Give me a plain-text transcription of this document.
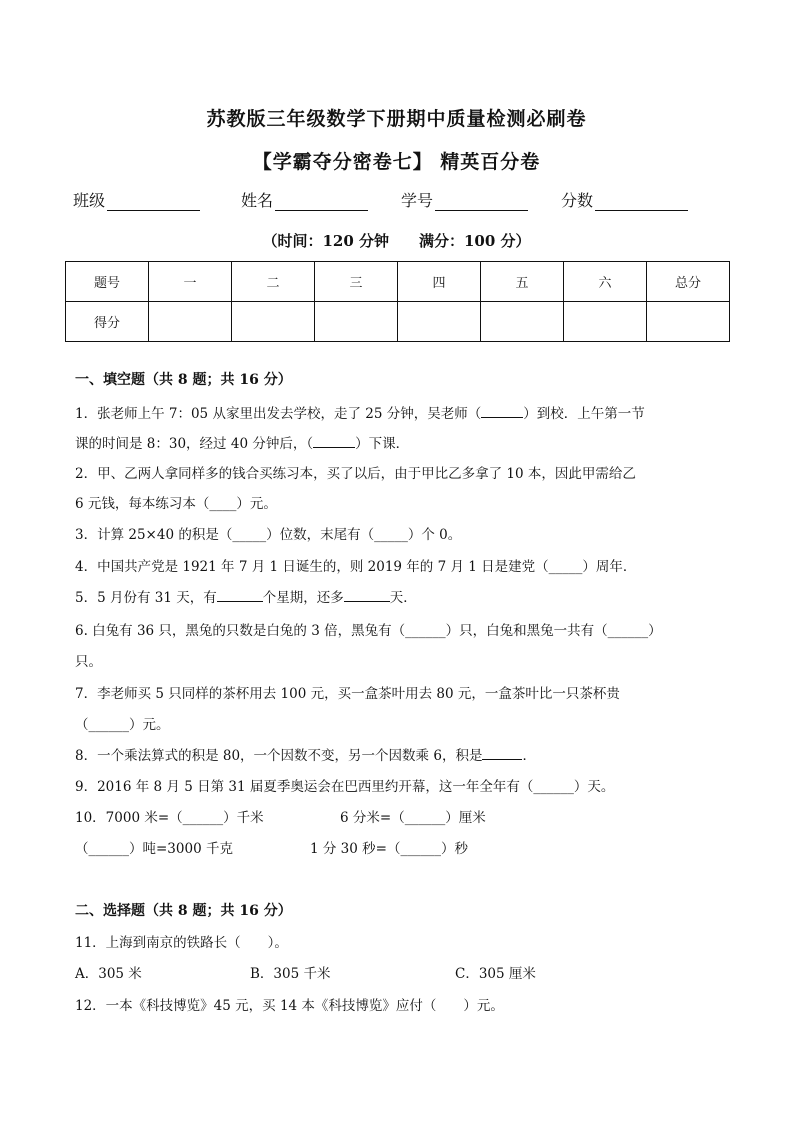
苏教版三年级数学下册期中质量检测必刷卷
【学霸夺分密卷七】 精英百分卷
班级	姓名	学号	分数
（时间：120 分钟　　满分：100 分）
题号	一	二	三	四	五	六	总分
得分							
一、填空题（共 8 题；共 16 分）
1．张老师上午 7：05 从家里出发去学校，走了 25 分钟，吴老师（	）到校．上午第一节
课的时间是 8：30，经过 40 分钟后，（	）下课．
2．甲、乙两人拿同样多的钱合买练习本，买了以后，由于甲比乙多拿了 10 本，因此甲需给乙
6 元钱，每本练习本（____）元。
3．计算 25×40 的积是（_____）位数，末尾有（_____）个 0。
4．中国共产党是 1921 年 7 月 1 日诞生的，则 2019 年的 7 月 1 日是建党（_____）周年．
5．5 月份有 31 天，有	个星期，还多	天．
6. 白兔有 36 只，黑兔的只数是白兔的 3 倍，黑兔有（______）只，白兔和黑兔一共有（______）
只。
7．李老师买 5 只同样的茶杯用去 100 元，买一盒茶叶用去 80 元，一盒茶叶比一只茶杯贵
（______）元。
8．一个乘法算式的积是 80，一个因数不变，另一个因数乘 6，积是	．
9．2016 年 8 月 5 日第 31 届夏季奥运会在巴西里约开幕，这一年全年有（______）天。
10．7000 米=（______）千米	6 分米=（______）厘米
（______）吨=3000 千克	1 分 30 秒=（______）秒
二、选择题（共 8 题；共 16 分）
11．上海到南京的铁路长（　　）。
A．305 米	B．305 千米	C．305 厘米
12．一本《科技博览》45 元，买 14 本《科技博览》应付（　　）元。
